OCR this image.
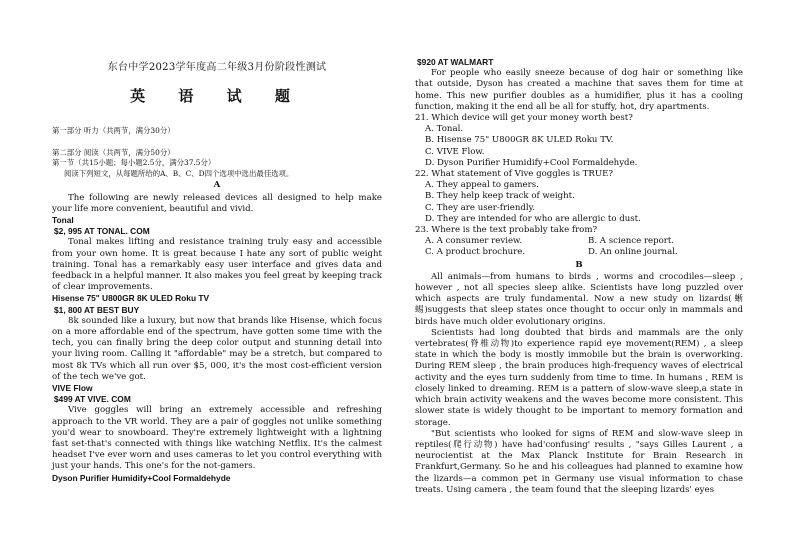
东台中学2023学年度高二年级3月份阶段性测试
英 语 试 题
第一部分 听力（共两节，满分30分）
第二部分 阅读（共两节，满分50分）
第一节（共15小题；每小题2.5分，满分37.5分）
阅读下列短文，从每题所给的A、B、C、D四个选项中选出最佳选项。
A

The following are newly released devices all designed to help make your life more convenient, beautiful and vivid.

Tonal
$2, 995 AT TONAL. COM

Tonal makes lifting and resistance training truly easy and accessible from your own home. It is great because I hate any sort of public weight training. Tonal has a remarkably easy user interface and gives data and feedback in a helpful manner. It also makes you feel great by keeping track of clear improvements.

Hisense 75" U800GR 8K ULED Roku TV
$1, 800 AT BEST BUY

8k sounded like a luxury, but now that brands like Hisense, which focus on a more affordable end of the spectrum, have gotten some time with the tech, you can finally bring the deep color output and stunning detail into your living room. Calling it "affordable" may be a stretch, but compared to most 8k TVs which all run over $5, 000, it's the most cost-efficient version of the tech we've got.

VIVE Flow
$499 AT VIVE. COM

Vive goggles will bring an extremely accessible and refreshing approach to the VR world. They are a pair of goggles not unlike something you'd wear to snowboard. They're extremely lightweight with a lightning fast set-that's connected with things like watching Netflix. It's the calmest headset I've ever worn and uses cameras to let you control everything with just your hands. This one's for the not-gamers.

Dyson Purifier Humidify+Cool Formaldehyde
$920 AT WALMART

For people who easily sneeze because of dog hair or something like that outside, Dyson has created a machine that saves them for time at home. This new purifier doubles as a humidifier, plus it has a cooling function, making it the end all be all for stuffy, hot, dry apartments.

21. Which device will get your money worth best?
A. Tonal.
B. Hisense 75" U800GR 8K ULED Roku TV.
C. VIVE Flow.
D. Dyson Purifier Humidify+Cool Formaldehyde.
22. What statement of Vive goggles is TRUE?
A. They appeal to gamers.
B. They help keep track of weight.
C. They are user-friendly.
D. They are intended for who are allergic to dust.
23. Where is the text probably take from?
A. A consumer review.	B. A science report.
C. A product brochure.	D. An online journal.
B

All animals—from humans to birds , worms and crocodiles—sleep , however , not all species sleep alike. Scientists have long puzzled over which aspects are truly fundamental. Now a new study on lizards(蜥蜴)suggests that sleep states once thought to occur only in mammals and birds have much older evolutionary origins.

Scientists had long doubted that birds and mammals are the only vertebrates(脊椎动物)to experience rapid eye movement(REM) , a sleep state in which the body is mostly immobile but the brain is overworking. During REM sleep , the brain produces high-frequency waves of electrical activity and the eyes turn suddenly from time to time. In humans , REM is closely linked to dreaming. REM is a pattern of slow-wave sleep,a state in which brain activity weakens and the waves become more consistent. This slower state is widely thought to be important to memory formation and storage.

"But scientists who looked for signs of REM and slow-wave sleep in reptiles(爬行动物) have had'confusing' results , "says Gilles Laurent , a neurocientist at the Max Planck Institute for Brain Research in Frankfurt,Germany. So he and his colleagues had planned to examine how the lizards—a common pet in Germany use visual information to chase treats. Using camera , the team found that the sleeping lizards' eyes
